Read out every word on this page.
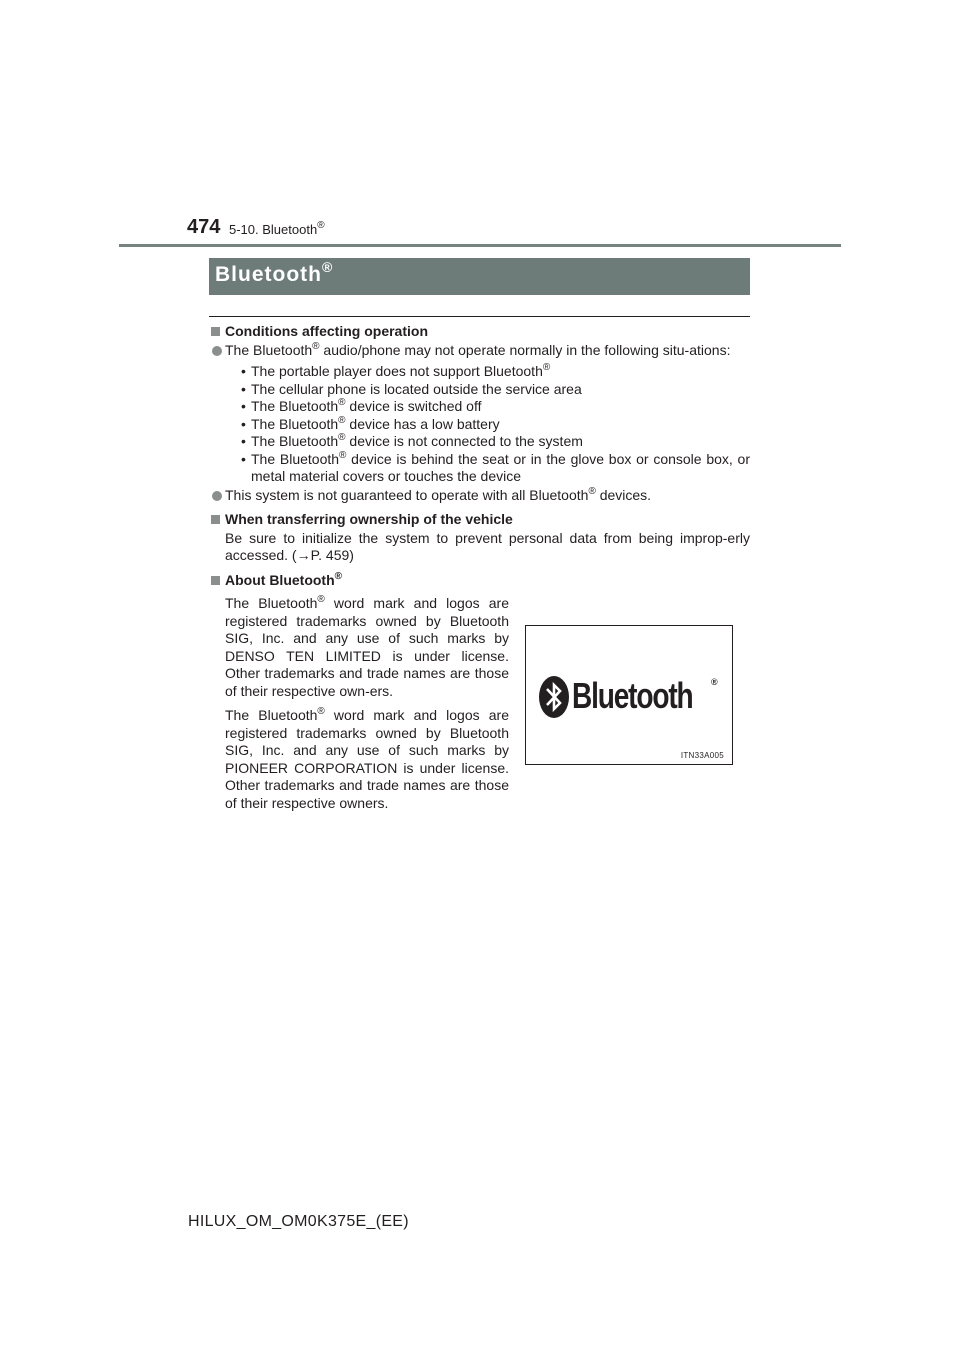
474 5-10. Bluetooth®
Bluetooth®
Conditions affecting operation
The Bluetooth® audio/phone may not operate normally in the following situ-ations:
• The portable player does not support Bluetooth®
• The cellular phone is located outside the service area
• The Bluetooth® device is switched off
• The Bluetooth® device has a low battery
• The Bluetooth® device is not connected to the system
• The Bluetooth® device is behind the seat or in the glove box or console box, or metal material covers or touches the device
This system is not guaranteed to operate with all Bluetooth® devices.
When transferring ownership of the vehicle
Be sure to initialize the system to prevent personal data from being improp-erly accessed. (→P. 459)
About Bluetooth®

The Bluetooth® word mark and logos are registered trademarks owned by Bluetooth SIG, Inc. and any use of such marks by DENSO TEN LIMITED is under license. Other trademarks and trade names are those of their respective own-ers.

The Bluetooth® word mark and logos are registered trademarks owned by Bluetooth SIG, Inc. and any use of such marks by PIONEER CORPORATION is under license. Other trademarks and trade names are those of their respective owners.

Bluetooth ®
ITN33A005
HILUX_OM_OM0K375E_(EE)
